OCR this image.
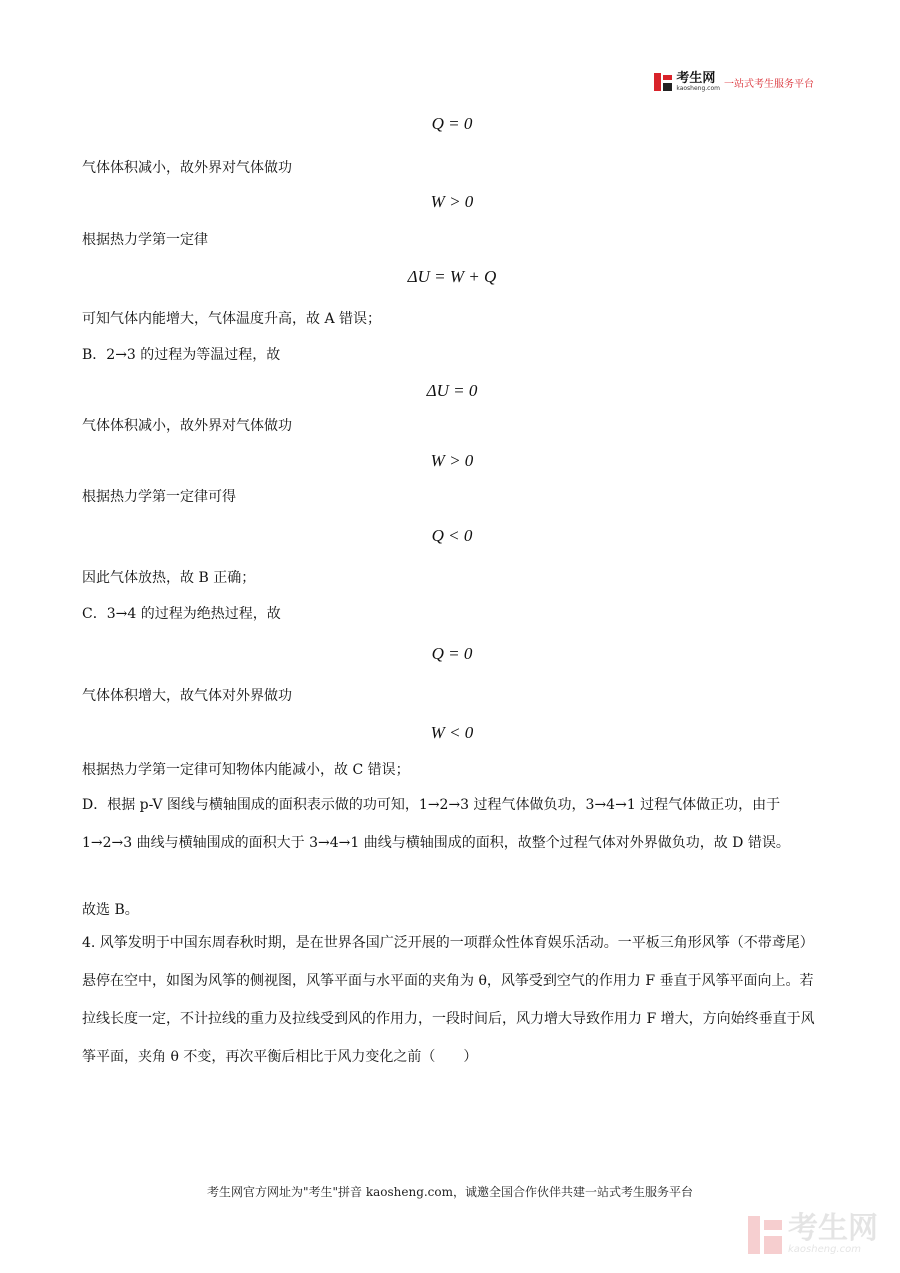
考生网
kaosheng.com 一站式考生服务平台
Q = 0
气体体积减小，故外界对气体做功
W > 0
根据热力学第一定律
ΔU = W + Q
可知气体内能增大，气体温度升高，故 A 错误；
B．2→3 的过程为等温过程，故
ΔU = 0
气体体积减小，故外界对气体做功
W > 0
根据热力学第一定律可得
Q < 0
因此气体放热，故 B 正确；
C．3→4 的过程为绝热过程，故
Q = 0
气体体积增大，故气体对外界做功
W < 0
根据热力学第一定律可知物体内能减小，故 C 错误；
D．根据 p-V 图线与横轴围成的面积表示做的功可知，1→2→3 过程气体做负功，3→4→1 过程气体做正功，由于 1→2→3 曲线与横轴围成的面积大于 3→4→1 曲线与横轴围成的面积，故整个过程气体对外界做负功，故 D 错误。
故选 B。
4. 风筝发明于中国东周春秋时期，是在世界各国广泛开展的一项群众性体育娱乐活动。一平板三角形风筝（不带鸢尾）悬停在空中，如图为风筝的侧视图，风筝平面与水平面的夹角为 θ，风筝受到空气的作用力 F 垂直于风筝平面向上。若拉线长度一定，不计拉线的重力及拉线受到风的作用力，一段时间后，风力增大导致作用力 F 增大，方向始终垂直于风筝平面，夹角 θ 不变，再次平衡后相比于风力变化之前（　　）
考生网官方网址为"考生"拼音 kaosheng.com，诚邀全国合作伙伴共建一站式考生服务平台
考生网
kaosheng.com
